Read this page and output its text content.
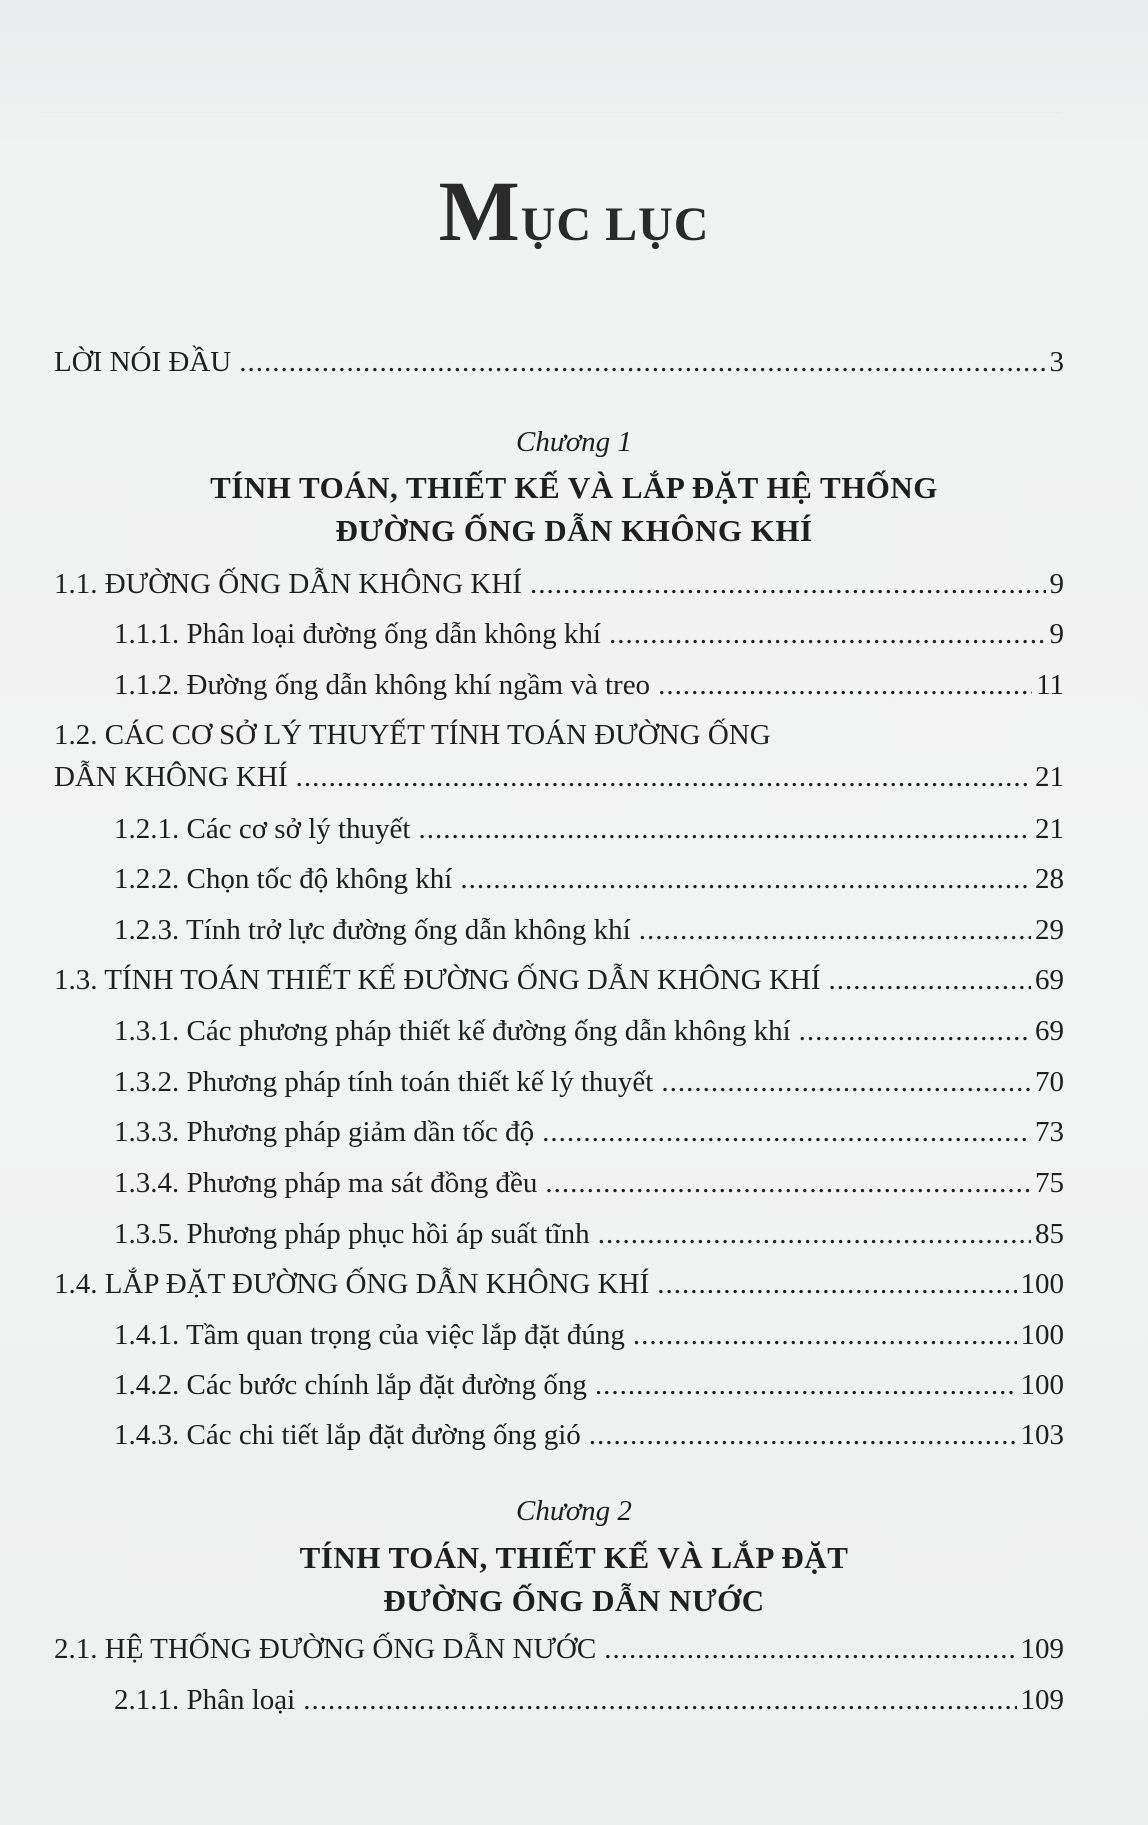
MỤC LỤC
LỜI NÓI ĐẦU .....	3
Chương 1
TÍNH TOÁN, THIẾT KẾ VÀ LẮP ĐẶT HỆ THỐNG
ĐƯỜNG ỐNG DẪN KHÔNG KHÍ
1.1. ĐƯỜNG ỐNG DẪN KHÔNG KHÍ .....	9
1.1.1. Phân loại đường ống dẫn không khí .....	9
1.1.2. Đường ống dẫn không khí ngầm và treo .....	11
1.2. CÁC CƠ SỞ LÝ THUYẾT TÍNH TOÁN ĐƯỜNG ỐNG
DẪN KHÔNG KHÍ .....	21
1.2.1. Các cơ sở lý thuyết .....	21
1.2.2. Chọn tốc độ không khí .....	28
1.2.3. Tính trở lực đường ống dẫn không khí .....	29
1.3. TÍNH TOÁN THIẾT KẾ ĐƯỜNG ỐNG DẪN KHÔNG KHÍ .....	69
1.3.1. Các phương pháp thiết kế đường ống dẫn không khí .....	69
1.3.2. Phương pháp tính toán thiết kế lý thuyết .....	70
1.3.3. Phương pháp giảm dần tốc độ .....	73
1.3.4. Phương pháp ma sát đồng đều .....	75
1.3.5. Phương pháp phục hồi áp suất tĩnh .....	85
1.4. LẮP ĐẶT ĐƯỜNG ỐNG DẪN KHÔNG KHÍ .....	100
1.4.1. Tầm quan trọng của việc lắp đặt đúng .....	100
1.4.2. Các bước chính lắp đặt đường ống .....	100
1.4.3. Các chi tiết lắp đặt đường ống gió .....	103
Chương 2
TÍNH TOÁN, THIẾT KẾ VÀ LẮP ĐẶT
ĐƯỜNG ỐNG DẪN NƯỚC
2.1. HỆ THỐNG ĐƯỜNG ỐNG DẪN NƯỚC .....	109
2.1.1. Phân loại .....	109
